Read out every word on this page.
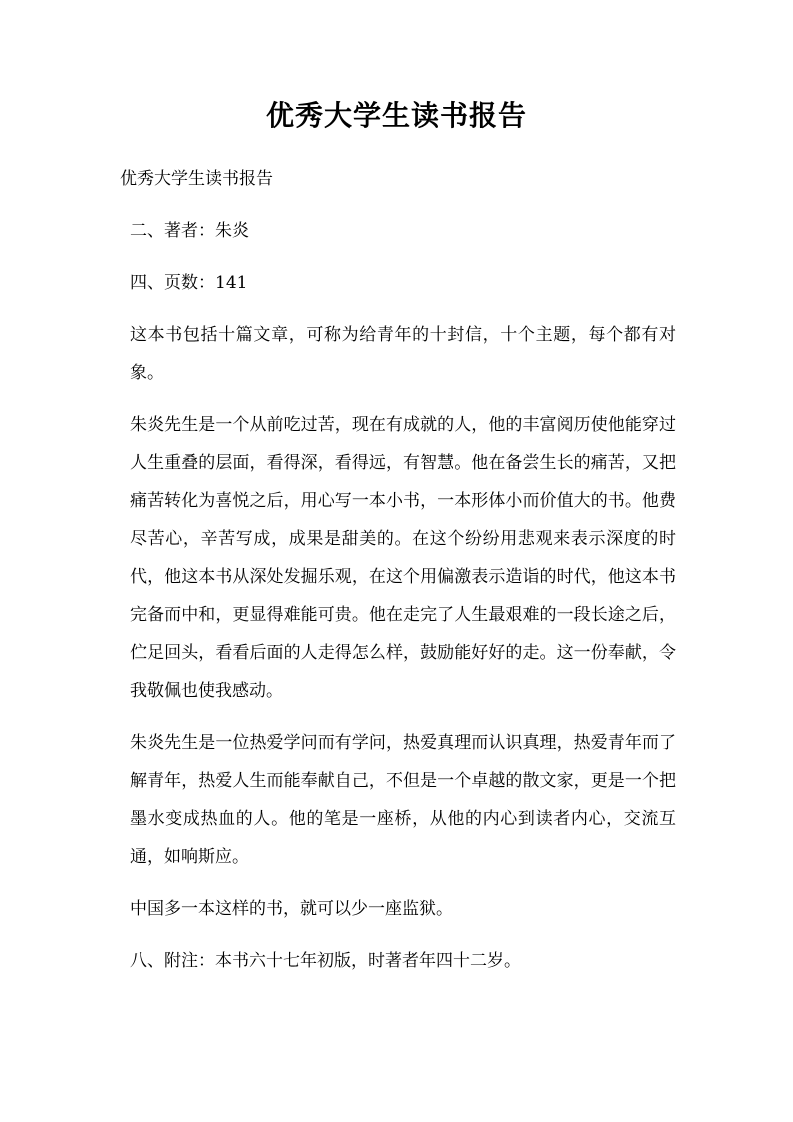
优秀大学生读书报告

优秀大学生读书报告

二、著者：朱炎

四、页数：141

这本书包括十篇文章，可称为给青年的十封信，十个主题，每个都有对象。

朱炎先生是一个从前吃过苦，现在有成就的人，他的丰富阅历使他能穿过人生重叠的层面，看得深，看得远，有智慧。他在备尝生长的痛苦，又把痛苦转化为喜悦之后，用心写一本小书，一本形体小而价值大的书。他费尽苦心，辛苦写成，成果是甜美的。在这个纷纷用悲观来表示深度的时代，他这本书从深处发掘乐观，在这个用偏激表示造诣的时代，他这本书完备而中和，更显得难能可贵。他在走完了人生最艰难的一段长途之后，伫足回头，看看后面的人走得怎么样，鼓励能好好的走。这一份奉献，令我敬佩也使我感动。

朱炎先生是一位热爱学问而有学问，热爱真理而认识真理，热爱青年而了解青年，热爱人生而能奉献自己，不但是一个卓越的散文家，更是一个把墨水变成热血的人。他的笔是一座桥，从他的内心到读者内心，交流互通，如响斯应。

中国多一本这样的书，就可以少一座监狱。

八、附注：本书六十七年初版，时著者年四十二岁。
